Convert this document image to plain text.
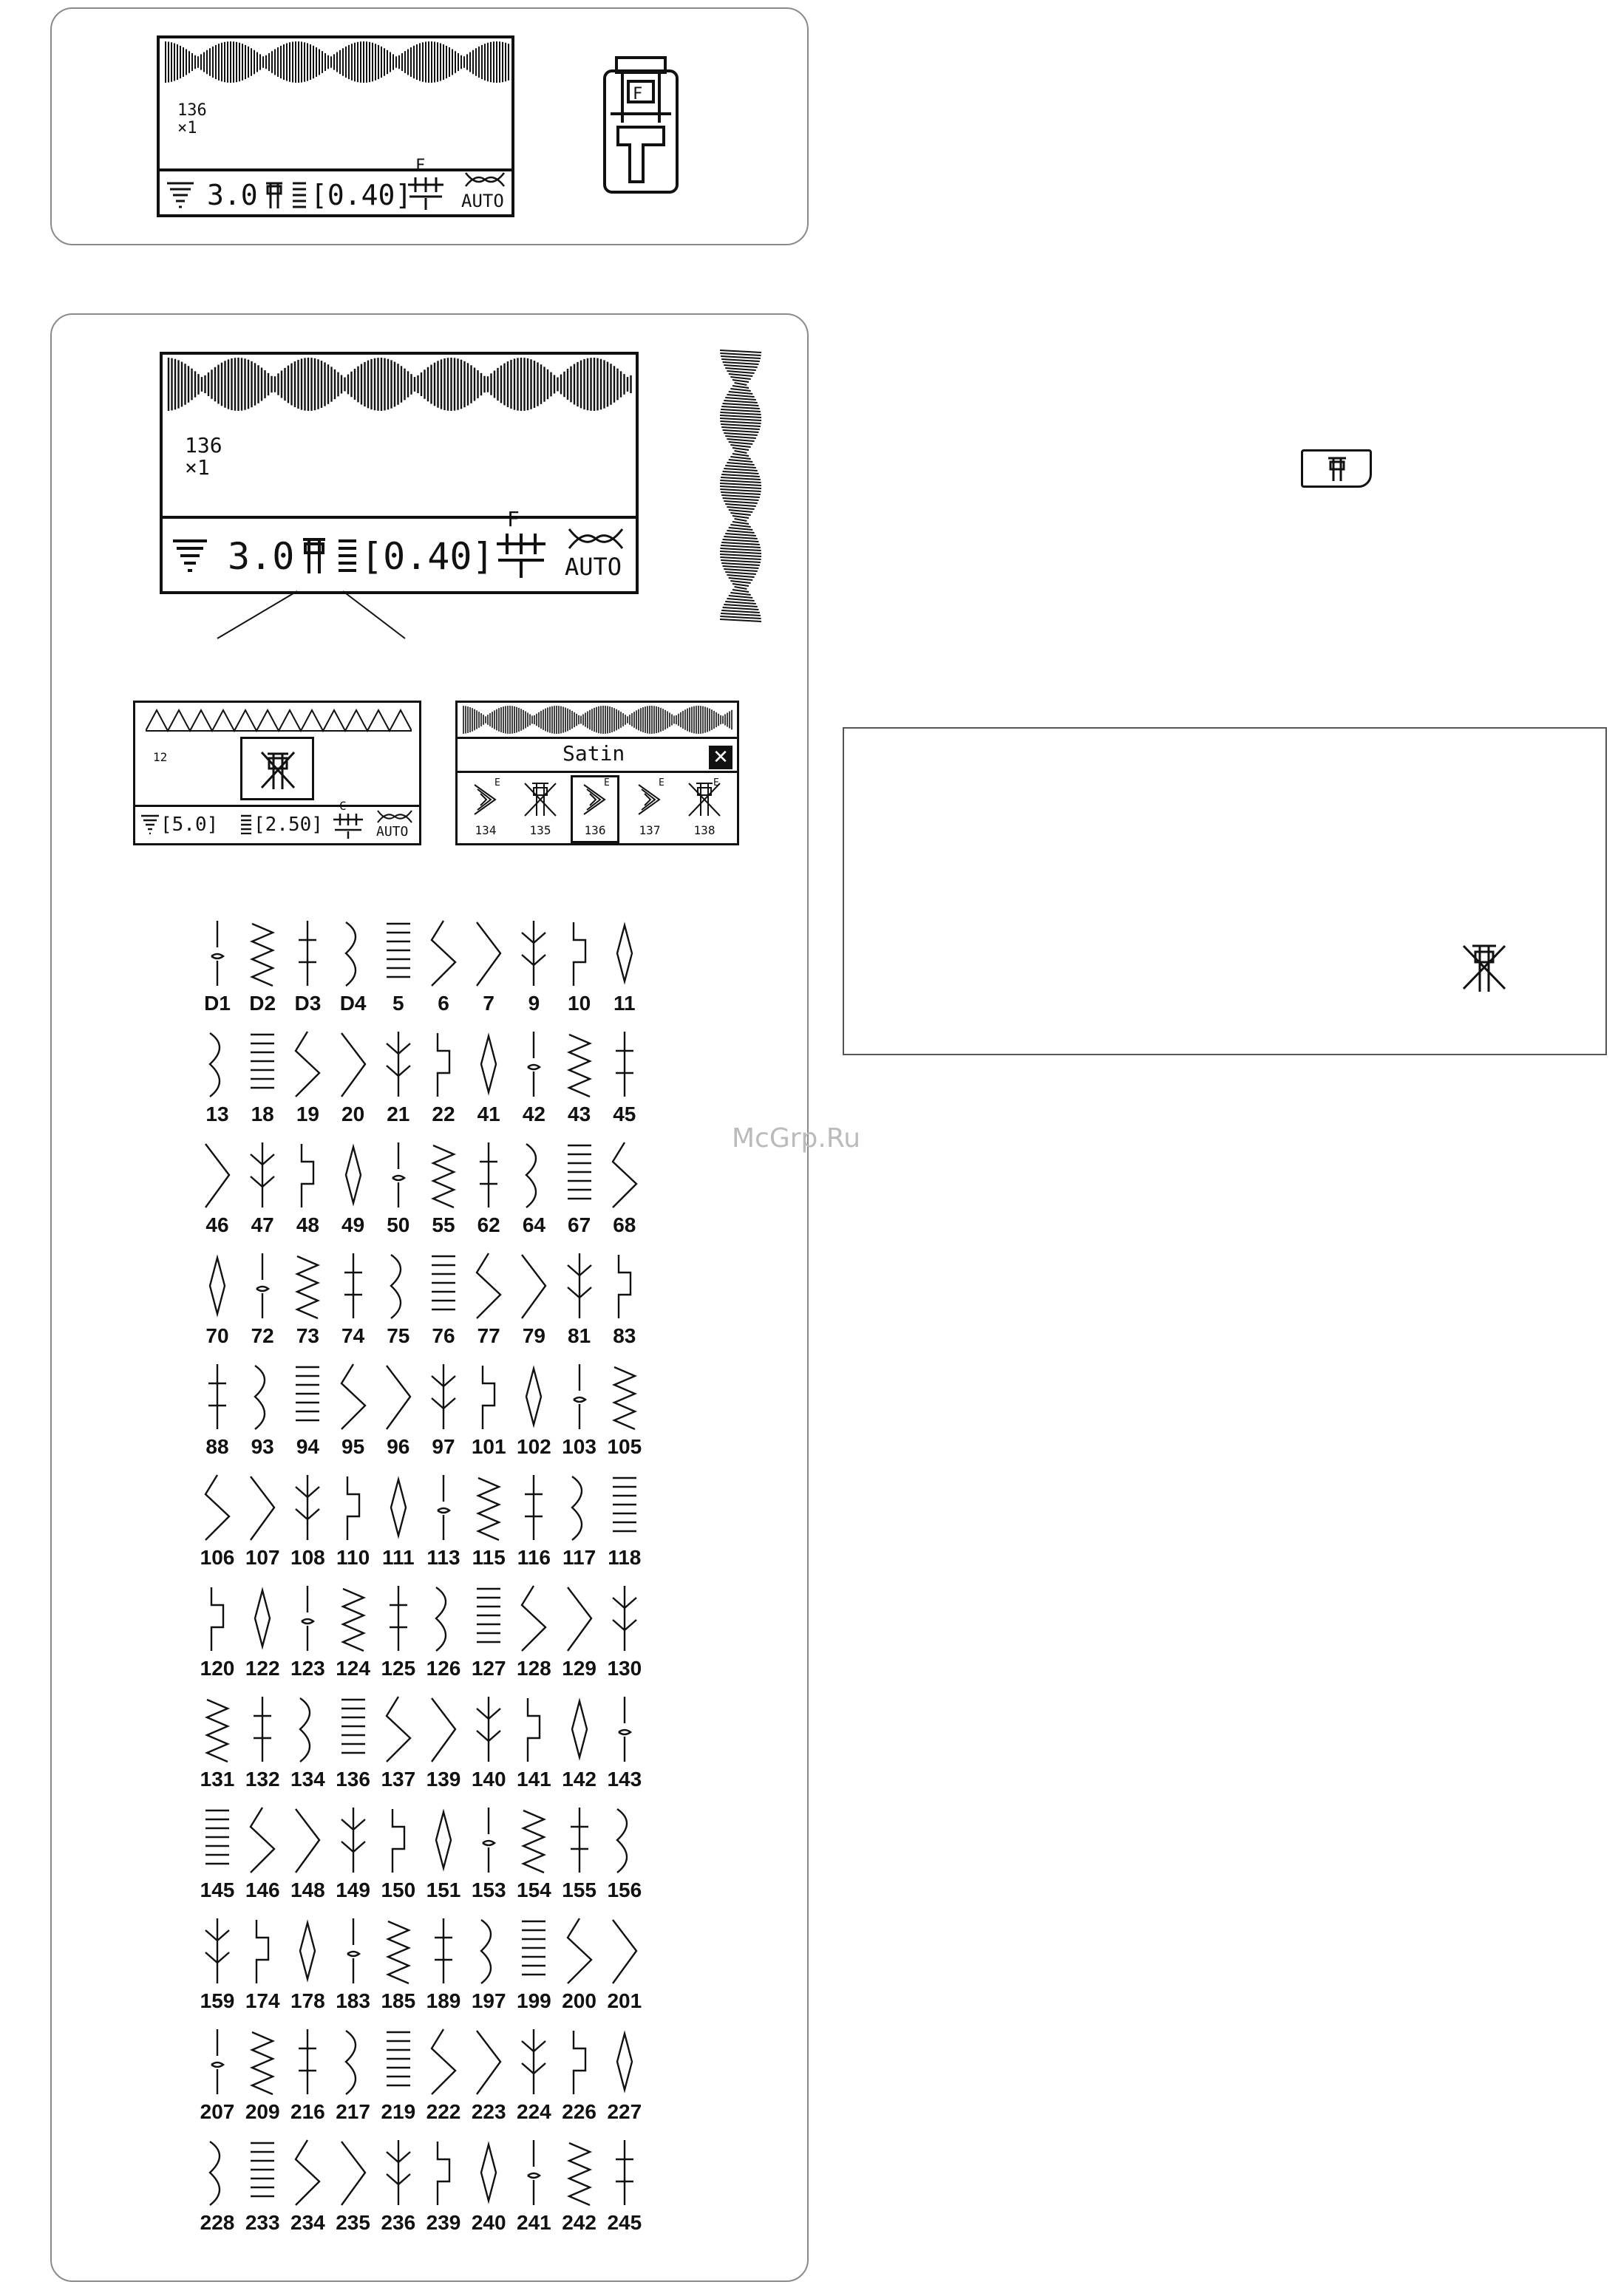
136
×1
3.0 [0.40]
F
AUTO
F
136
×1
3.0 [0.40]
F
AUTO
12
[5.0] [2.50]
C
AUTO
Satin	✕
E
134	135
E
136
E
137
E
138
D1 D2 D3 D4	5	6	7	9	10	11
13	18	19	20	21	22	41	42	43	45
46	47	48	49	50	55	62	64	67	68
70	72	73	74	75	76	77	79	81	83
88	93	94	95	96	97 101 102 103 105
106 107 108 110 111 113 115 116 117 118
120 122 123 124 125 126 127 128 129 130
131 132 134 136 137 139 140 141 142 143
145 146 148 149 150 151 153 154 155 156
159 174 178 183 185 189 197 199 200 201
207 209 216 217 219 222 223 224 226 227
228 233 234 235 236 239 240 241 242 245
McGrp.Ru
